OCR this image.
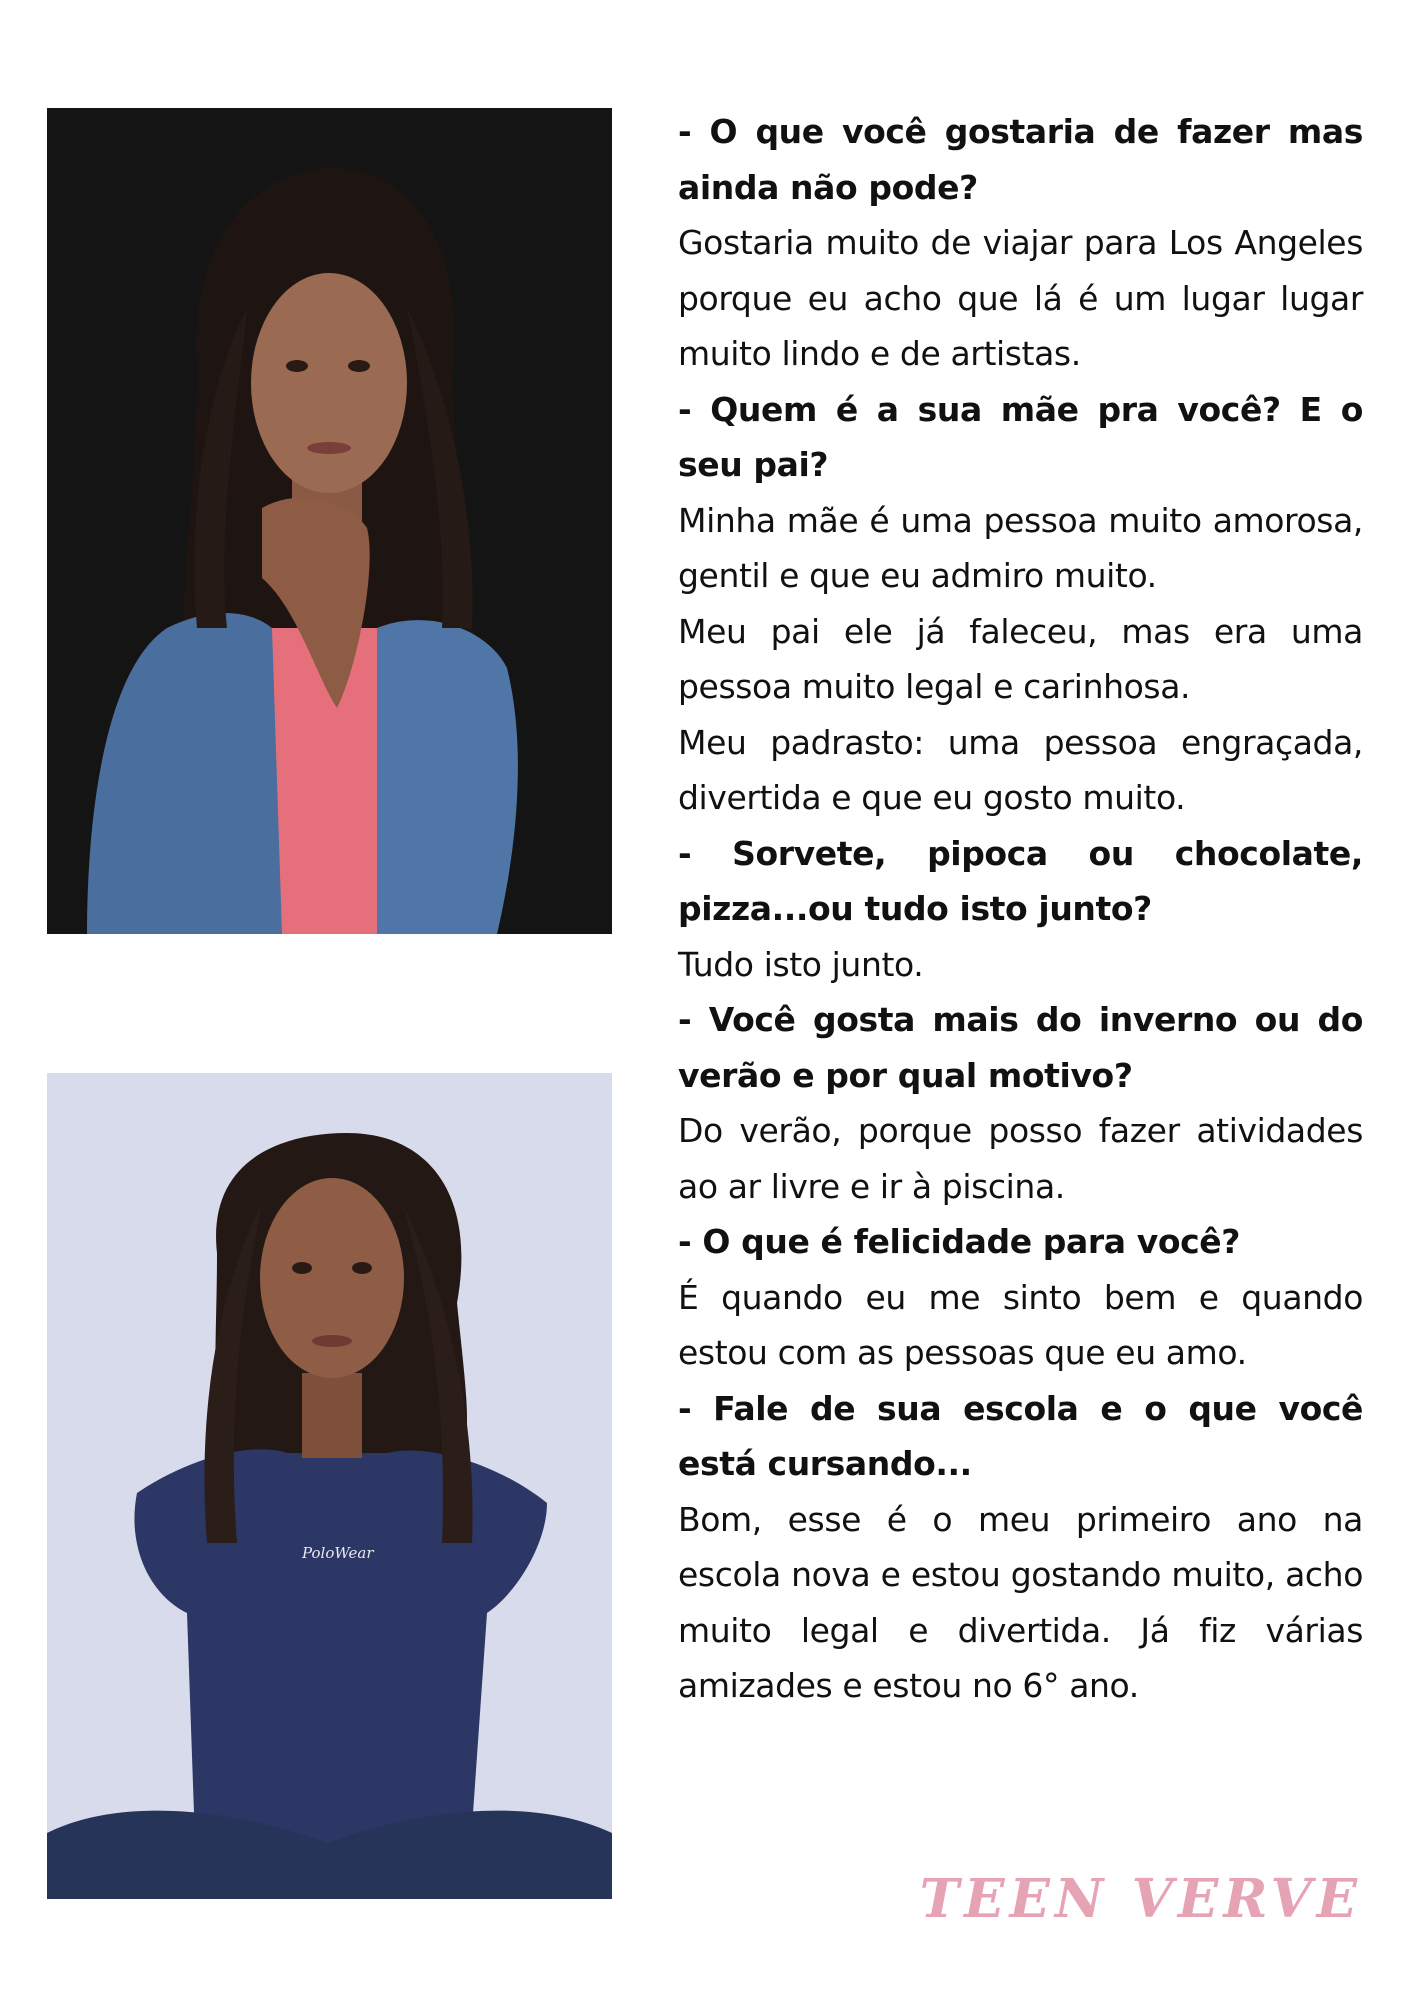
PoloWear

- O que você gostaria de fazer mas ainda não pode?

Gostaria muito de viajar para Los Angeles porque eu acho que lá é um lugar lugar muito lindo e de artistas.

- Quem é a sua mãe pra você? E o seu pai?

Minha mãe é uma pessoa muito amorosa, gentil e que eu admiro muito.

Meu pai ele já faleceu, mas era uma pessoa muito legal e carinhosa.

Meu padrasto: uma pessoa engraçada, divertida e que eu gosto muito.

- Sorvete, pipoca ou chocolate, pizza...ou tudo isto junto?

Tudo isto junto.

- Você gosta mais do inverno ou do verão e por qual motivo?

Do verão, porque posso fazer atividades ao ar livre e ir à piscina.

- O que é felicidade para você?

É quando eu me sinto bem e quando estou com as pessoas que eu amo.

- Fale de sua escola e o que você está cursando...

Bom, esse é o meu primeiro ano na escola nova e estou gostando muito, acho muito legal e divertida. Já fiz várias amizades e estou no 6° ano.

TEEN VERVE
